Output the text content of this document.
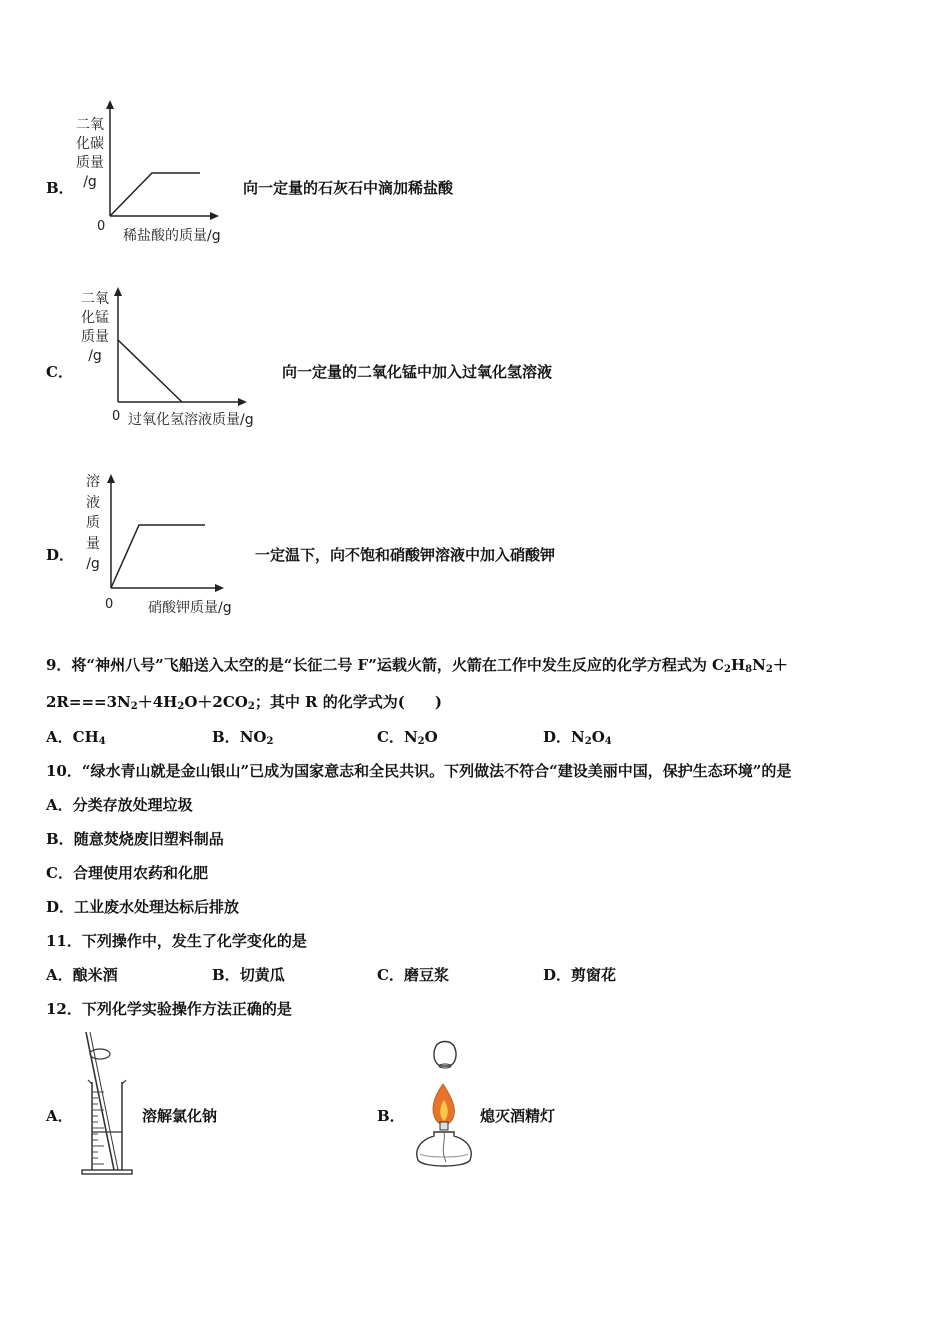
B．
二氧
化碳
质量
/g
0
稀盐酸的质量/g
向一定量的石灰石中滴加稀盐酸
C．
二氧
化锰
质量
/g
0 过氧化氢溶液质量/g
向一定量的二氧化锰中加入过氧化氢溶液
D．
溶
液
质
量
/g
0 硝酸钾质量/g
一定温下，向不饱和硝酸钾溶液中加入硝酸钾
9．将“神州八号”飞船送入太空的是“长征二号 F”运载火箭，火箭在工作中发生反应的化学方程式为 $C_2H_8N_2+$
$2R===3N_2+4H_2O+2CO_2$；其中 R 的化学式为(　　)
A．$CH_4$	B．$NO_2$	C．$N_2O$	D．$N_2O_4$
10．“绿水青山就是金山银山”已成为国家意志和全民共识。下列做法不符合“建设美丽中国，保护生态环境”的是
A．分类存放处理垃圾
B．随意焚烧废旧塑料制品
C．合理使用农药和化肥
D．工业废水处理达标后排放
11．下列操作中，发生了化学变化的是
A．酿米酒	B．切黄瓜	C．磨豆浆	D．剪窗花
12．下列化学实验操作方法正确的是
A．	溶解氯化钠	B．	熄灭酒精灯
